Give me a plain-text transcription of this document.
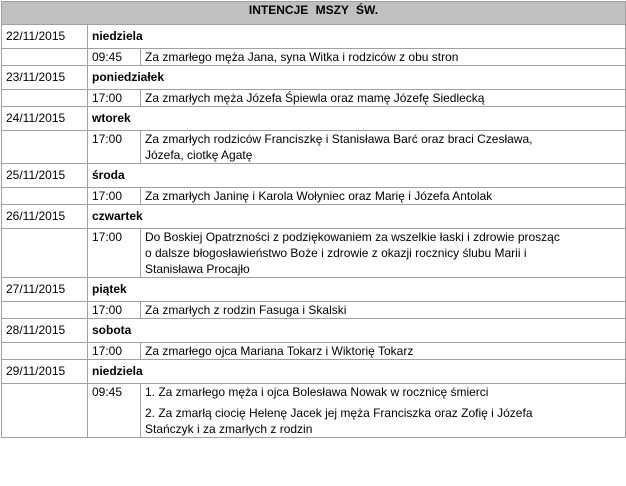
INTENCJE MSZY ŚW.		
22/11/2015	niedziela	
	09:45	Za zmarłego męża Jana, syna Witka i rodziców z obu stron

23/11/2015	poniedziałek	
	17:00	Za zmarłych męża Józefa Śpiewla oraz mamę Józefę Siedlecką

24/11/2015	wtorek	
	17:00	Za zmarłych rodziców Franciszkę i Stanisława Barć oraz braci Czesława,
Józefa, ciotkę Agatę

25/11/2015	środa	
	17:00	Za zmarłych Janinę i Karola Wołyniec oraz Marię i Józefa Antolak

26/11/2015	czwartek	
	17:00	Do Boskiej Opatrzności z podziękowaniem za wszelkie łaski i zdrowie prosząc
o dalsze błogosławieństwo Boże i zdrowie z okazji rocznicy ślubu Marii i
Stanisława Procajło

27/11/2015	piątek	
	17:00	Za zmarłych z rodzin Fasuga i Skalski

28/11/2015	sobota	
	17:00	Za zmarłego ojca Mariana Tokarz i Wiktorię Tokarz

29/11/2015	niedziela	
	09:45	1. Za zmarłego męża i ojca Bolesława Nowak w rocznicę śmierci
2. Za zmarłą ciocię Helenę Jacek jej męża Franciszka oraz Zofię i Józefa
Stańczyk i za zmarłych z rodzin
